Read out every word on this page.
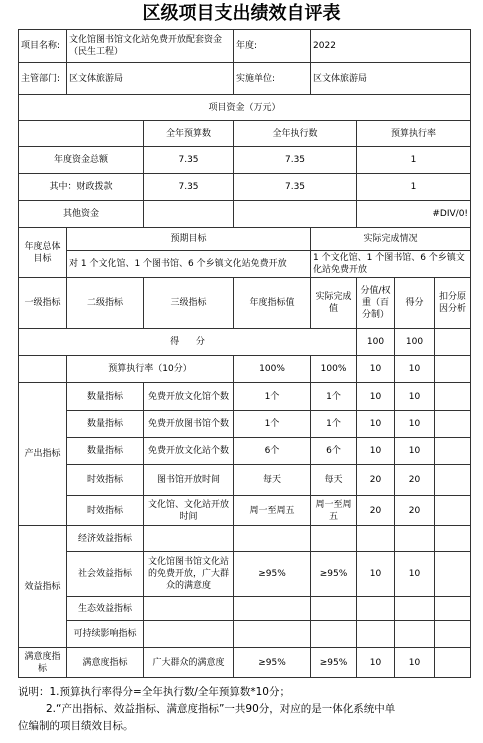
区级项目支出绩效自评表
项目名称:	文化馆图书馆文化站免费开放配套资金（民生工程）		年度:	2022			
主管部门:	区文体旅游局		实施单位:	区文体旅游局			
项目资金（万元）							
		全年预算数	全年执行数		预算执行率		
年度资金总额		7.35	7.35		1		
其中：财政拨款		7.35	7.35		1		
其他资金					#DIV/0!		
年度总体目标	预期目标			实际完成情况			
	对 1 个文化馆、1 个图书馆、6 个乡镇文化站免费开放			1 个文化馆、1 个图书馆、6 个乡镇文化站免费开放			
一级指标	二级指标	三级指标	年度指标值	实际完成值	分值/权重（百分制）	得分	扣分原因分析
得 分					100	100	
	预算执行率（10分）		100%	100%	10	10	
产出指标	数量指标	免费开放文化馆个数	1个	1个	10	10	
	数量指标	免费开放图书馆个数	1个	1个	10	10	
	数量指标	免费开放文化站个数	6个	6个	10	10	
	时效指标	图书馆开放时间	每天	每天	20	20	
	时效指标	文化馆、文化站开放时间	周一至周五	周一至周五	20	20	
效益指标	经济效益指标						
	社会效益指标	文化馆图书馆文化站的免费开放，广大群众的满意度	≥95%	≥95%	10	10	
	生态效益指标						
	可持续影响指标						
满意度指标	满意度指标	广大群众的满意度	≥95%	≥95%	10	10	
说明：1.预算执行率得分=全年执行数/全年预算数*10分；
2.“产出指标、效益指标、满意度指标”一共90分，对应的是一体化系统中单
位编制的项目绩效目标。
